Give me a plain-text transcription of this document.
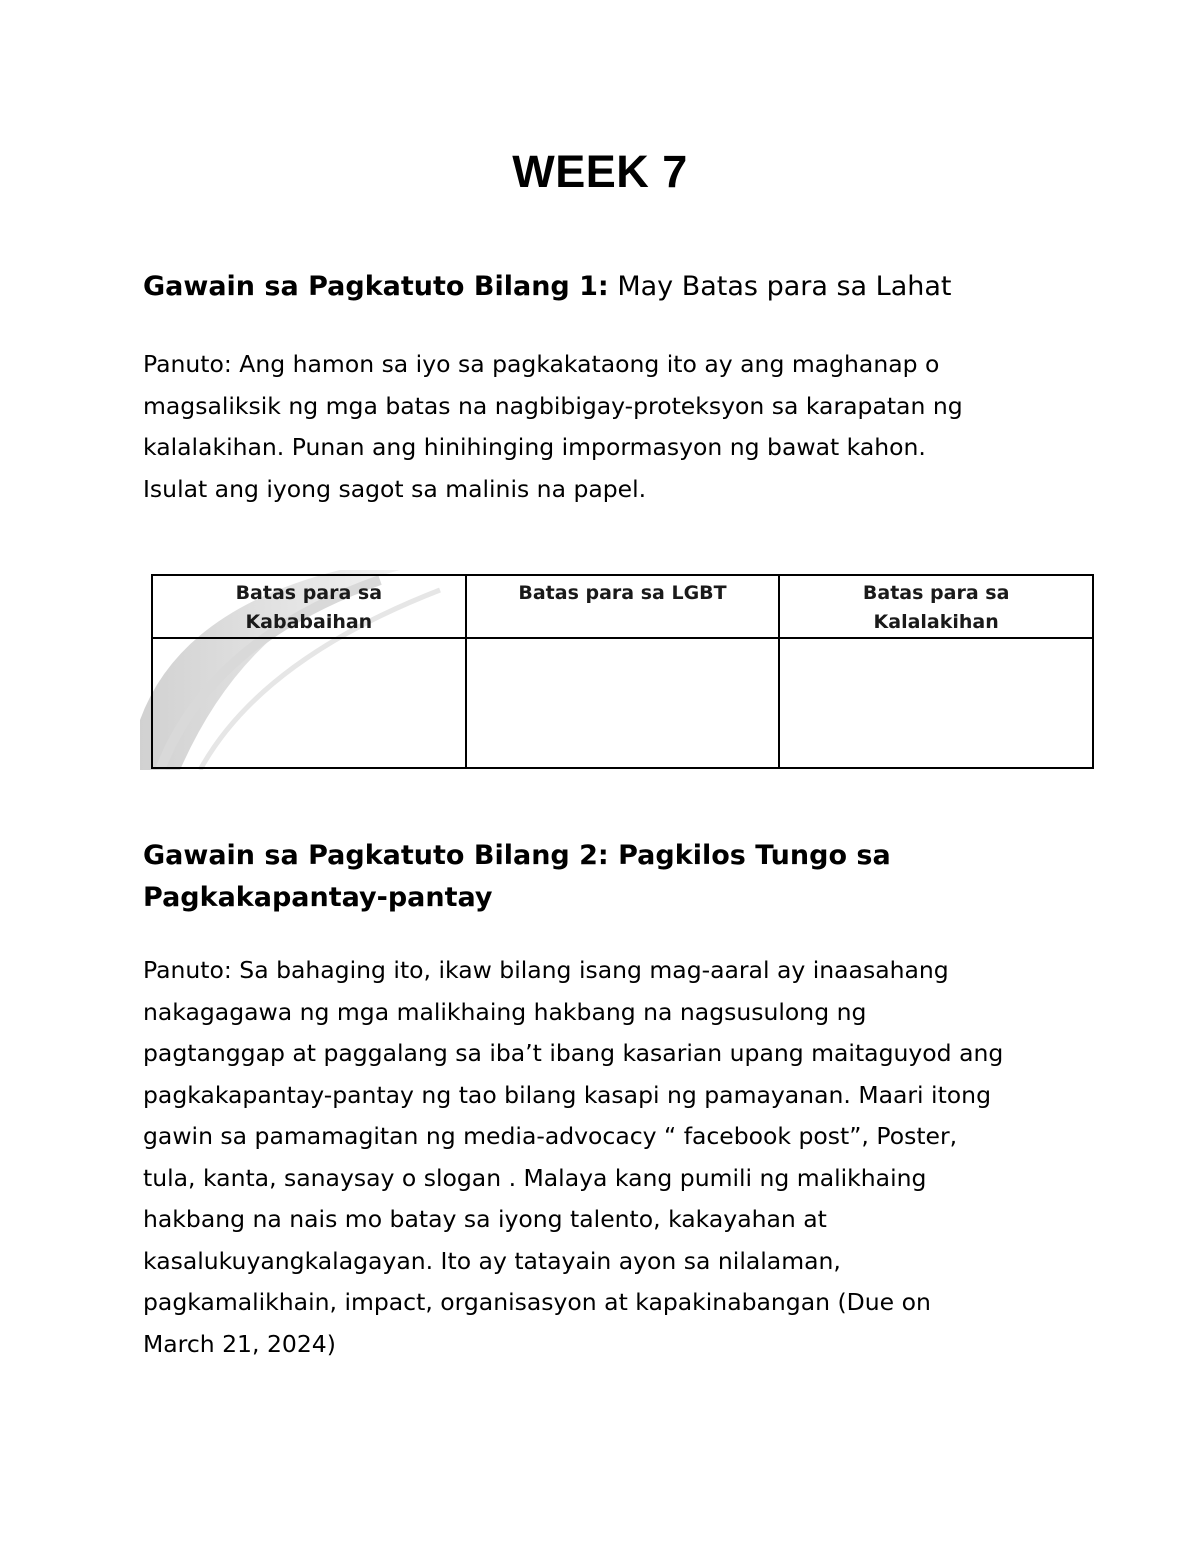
WEEK 7
Gawain sa Pagkatuto Bilang 1: May Batas para sa Lahat
Panuto: Ang hamon sa iyo sa pagkakataong ito ay ang maghanap o
magsaliksik ng mga batas na nagbibigay-proteksyon sa karapatan ng
kalalakihan. Punan ang hinihinging impormasyon ng bawat kahon.
Isulat ang iyong sagot sa malinis na papel.
Batas para sa Kababaihan	Batas para sa LGBT	Batas para sa Kalalakihan

Gawain sa Pagkatuto Bilang 2: Pagkilos Tungo sa
Pagkakapantay-pantay
Panuto: Sa bahaging ito, ikaw bilang isang mag-aaral ay inaasahang
nakagagawa ng mga malikhaing hakbang na nagsusulong ng
pagtanggap at paggalang sa iba’t ibang kasarian upang maitaguyod ang
pagkakapantay-pantay ng tao bilang kasapi ng pamayanan. Maari itong
gawin sa pamamagitan ng media-advocacy “ facebook post”, Poster,
tula, kanta, sanaysay o slogan . Malaya kang pumili ng malikhaing
hakbang na nais mo batay sa iyong talento, kakayahan at
kasalukuyangkalagayan. Ito ay tatayain ayon sa nilalaman,
pagkamalikhain, impact, organisasyon at kapakinabangan (Due on
March 21, 2024)
